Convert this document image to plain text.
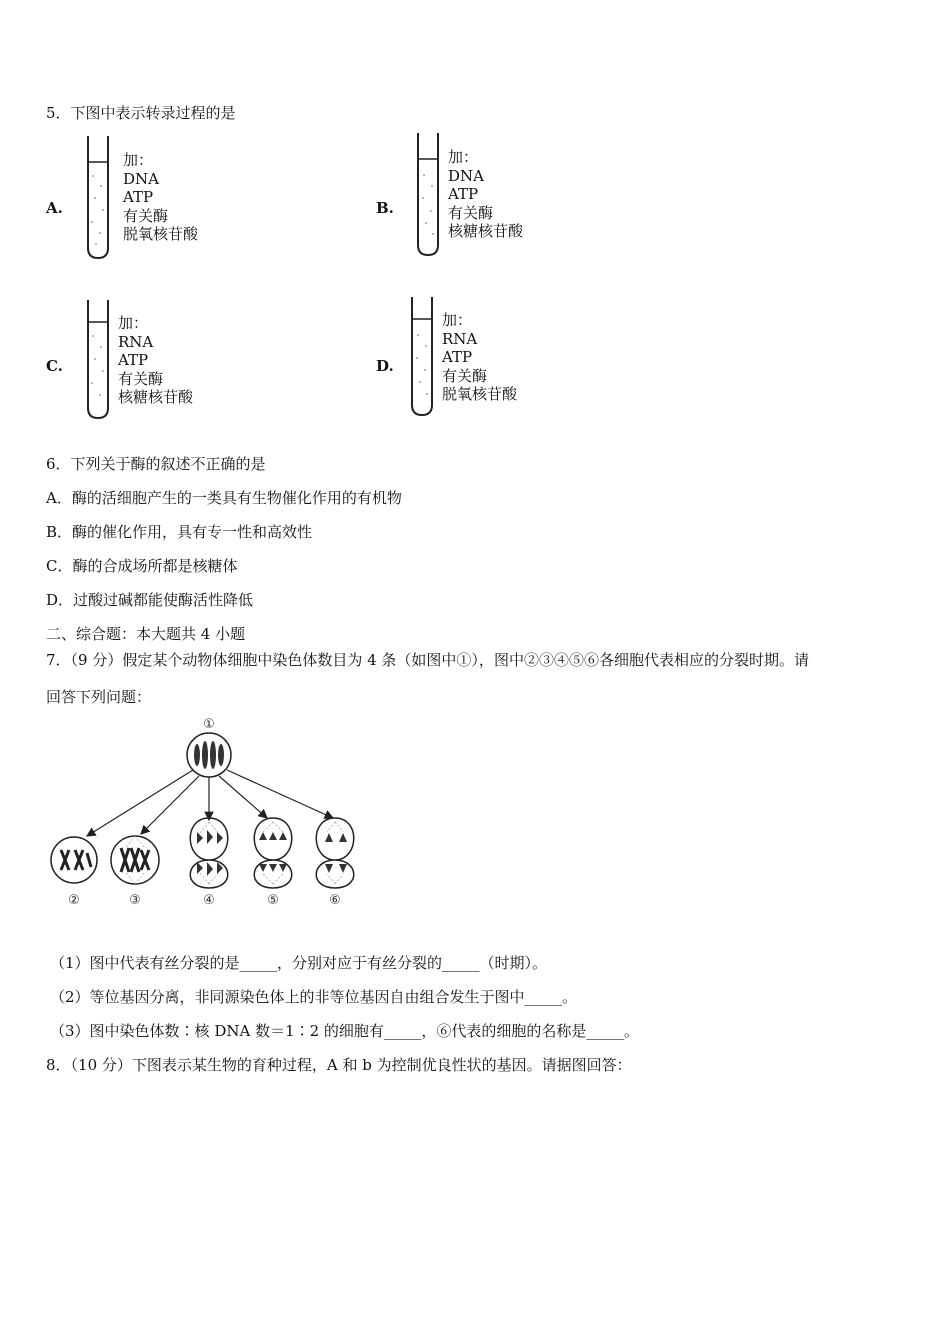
5．下图中表示转录过程的是
A.
加：
DNA
ATP
有关酶
脱氧核苷酸
B.
加：
DNA
ATP
有关酶
核糖核苷酸
C.
加：
RNA
ATP
有关酶
核糖核苷酸
D.
加：
RNA
ATP
有关酶
脱氧核苷酸
6．下列关于酶的叙述不正确的是
A．酶的活细胞产生的一类具有生物催化作用的有机物
B．酶的催化作用，具有专一性和高效性
C．酶的合成场所都是核糖体
D．过酸过碱都能使酶活性降低
二、综合题：本大题共 4 小题
7．（9 分）假定某个动物体细胞中染色体数目为 4 条（如图中①），图中②③④⑤⑥各细胞代表相应的分裂时期。请
回答下列问题：
①
②	③	④	⑤	⑥
（1）图中代表有丝分裂的是_____，分别对应于有丝分裂的_____（时期）。
（2）等位基因分离，非同源染色体上的非等位基因自由组合发生于图中_____。
（3）图中染色体数∶核 DNA 数＝1∶2 的细胞有_____，⑥代表的细胞的名称是_____。
8．（10 分）下图表示某生物的育种过程，A 和 b 为控制优良性状的基因。请据图回答：
